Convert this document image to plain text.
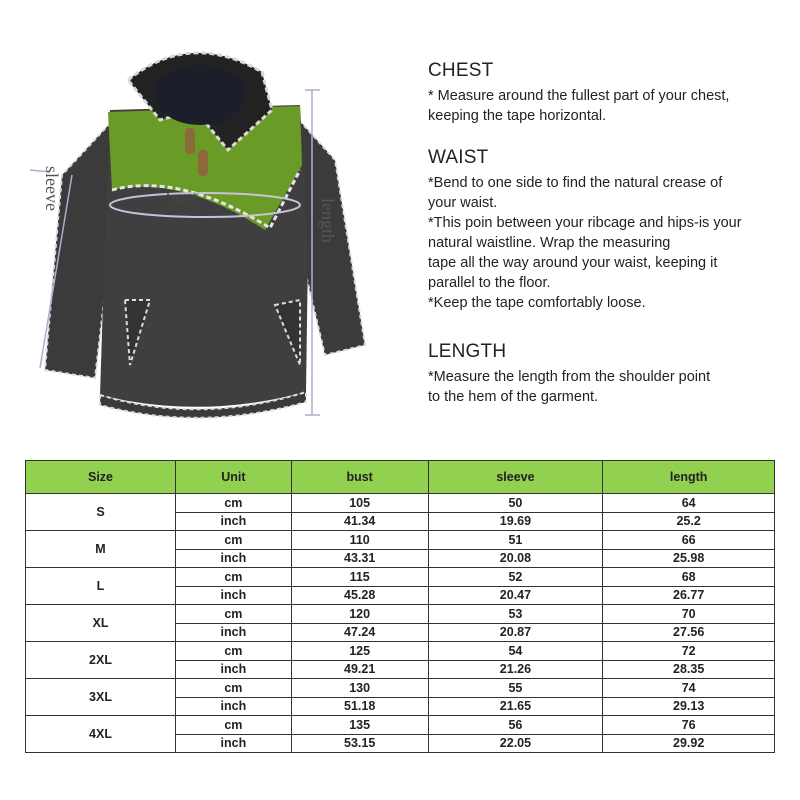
bust
sleeve
length
CHEST
* Measure around the fullest part of your chest,
keeping the tape horizontal.
WAIST
*Bend to one side to find the natural crease of
your waist.
*This poin between your ribcage and hips-is your
natural waistline. Wrap the measuring
tape all the way around your waist, keeping it
parallel to the floor.
*Keep the tape comfortably loose.
LENGTH
*Measure the length from the shoulder point
to the hem of the garment.
Size	Unit	bust	sleeve	length
S	cm	105	50	64
	inch	41.34	19.69	25.2
M	cm	110	51	66
	inch	43.31	20.08	25.98
L	cm	115	52	68
	inch	45.28	20.47	26.77
XL	cm	120	53	70
	inch	47.24	20.87	27.56
2XL	cm	125	54	72
	inch	49.21	21.26	28.35
3XL	cm	130	55	74
	inch	51.18	21.65	29.13
4XL	cm	135	56	76
	inch	53.15	22.05	29.92
